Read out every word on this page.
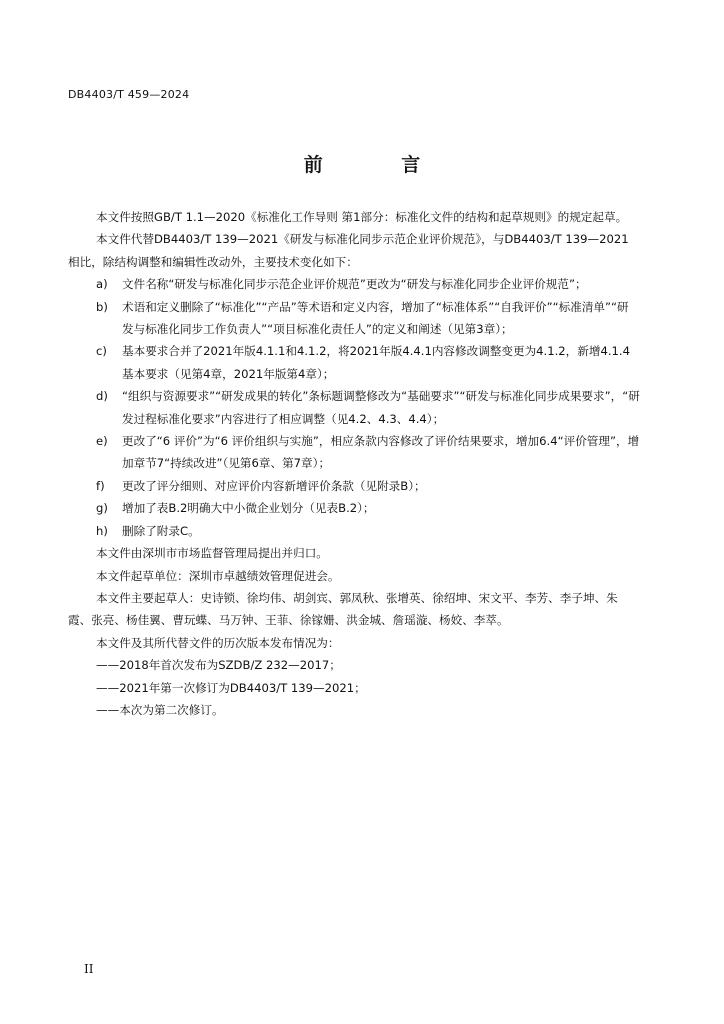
DB4403/T 459—2024
前 言
本文件按照GB/T 1.1—2020《标准化工作导则 第1部分：标准化文件的结构和起草规则》的规定起草。
本文件代替DB4403/T 139—2021《研发与标准化同步示范企业评价规范》，与DB4403/T 139—2021相比，除结构调整和编辑性改动外，主要技术变化如下：
a)	文件名称“研发与标准化同步示范企业评价规范”更改为“研发与标准化同步企业评价规范”；
b)	术语和定义删除了“标准化”“产品”等术语和定义内容，增加了“标准体系”“自我评价”“标准清单”“研发与标准化同步工作负责人”“项目标准化责任人”的定义和阐述（见第3章）；
c)	基本要求合并了2021年版4.1.1和4.1.2，将2021年版4.4.1内容修改调整变更为4.1.2，新增4.1.4基本要求（见第4章，2021年版第4章）；
d)	“组织与资源要求”“研发成果的转化”条标题调整修改为“基础要求”“研发与标准化同步成果要求”，“研发过程标准化要求”内容进行了相应调整（见4.2、4.3、4.4）；
e)	更改了“6 评价”为“6 评价组织与实施”，相应条款内容修改了评价结果要求，增加6.4“评价管理”，增加章节7“持续改进”（见第6章、第7章）；
f)	更改了评分细则、对应评价内容新增评价条款（见附录B）；
g)	增加了表B.2明确大中小微企业划分（见表B.2）；
h)	删除了附录C。
本文件由深圳市市场监督管理局提出并归口。
本文件起草单位：深圳市卓越绩效管理促进会。
本文件主要起草人：史诗锁、徐均伟、胡剑宾、郭凤秋、张增英、徐绍坤、宋文平、李芳、李子坤、朱霞、张亮、杨佳翼、曹玩蝶、马万钟、王菲、徐镓姗、洪金城、詹瑶漩、杨姣、李萃。
本文件及其所代替文件的历次版本发布情况为：
——2018年首次发布为SZDB/Z 232—2017；
——2021年第一次修订为DB4403/T 139—2021；
——本次为第二次修订。
II
